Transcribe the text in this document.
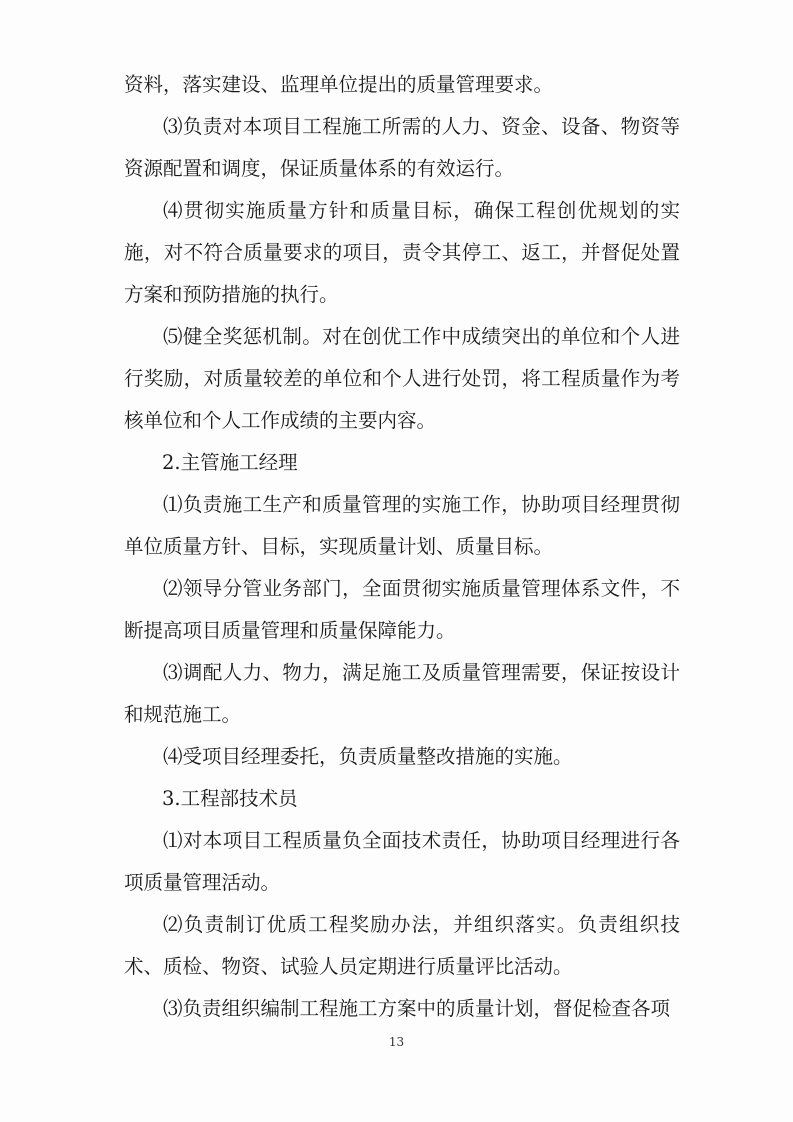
资料，落实建设、监理单位提出的质量管理要求。

⑶负责对本项目工程施工所需的人力、资金、设备、物资等资源配置和调度，保证质量体系的有效运行。

⑷贯彻实施质量方针和质量目标，确保工程创优规划的实施，对不符合质量要求的项目，责令其停工、返工，并督促处置方案和预防措施的执行。

⑸健全奖惩机制。对在创优工作中成绩突出的单位和个人进行奖励，对质量较差的单位和个人进行处罚，将工程质量作为考核单位和个人工作成绩的主要内容。

2.主管施工经理

⑴负责施工生产和质量管理的实施工作，协助项目经理贯彻单位质量方针、目标，实现质量计划、质量目标。

⑵领导分管业务部门，全面贯彻实施质量管理体系文件，不断提高项目质量管理和质量保障能力。

⑶调配人力、物力，满足施工及质量管理需要，保证按设计和规范施工。

⑷受项目经理委托，负责质量整改措施的实施。

3.工程部技术员

⑴对本项目工程质量负全面技术责任，协助项目经理进行各项质量管理活动。

⑵负责制订优质工程奖励办法，并组织落实。负责组织技术、质检、物资、试验人员定期进行质量评比活动。

⑶负责组织编制工程施工方案中的质量计划，督促检查各项

13
